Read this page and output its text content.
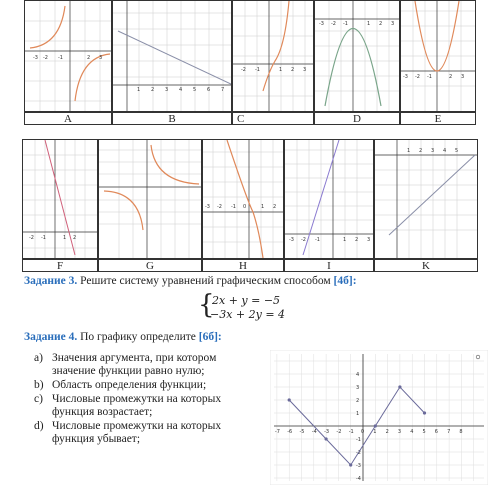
-3 -2 -1	2 3
1 2 3 4 5 6 7
-2 -1	1 2 3
-3 -2 -1	1 2 3
-3 -2 -1	2 3
A	B	C	D	E
-2 -1	1 2
-3 -2 -1 0	1 2
-3 -2 -1	1 2 3
1 2 3 4 5
F	G	H	I	K
Задание 3. Решите систему уравнений графическим способом [4б]:
{
2x + y = −5
−3x + 2y = 4
Задание 4. По графику определите [6б]:
a) Значения аргумента, при котором значение функции равно нулю;
b) Область определения функции;
c) Числовые промежутки на которых функция возрастает;
d) Числовые промежутки на которых функция убывает;
-7 -6 -5 -4 -3 -2 -1 0 1 2 3 4 5 6 7 8
4
3
2
1
-1
-2
-3
-4
